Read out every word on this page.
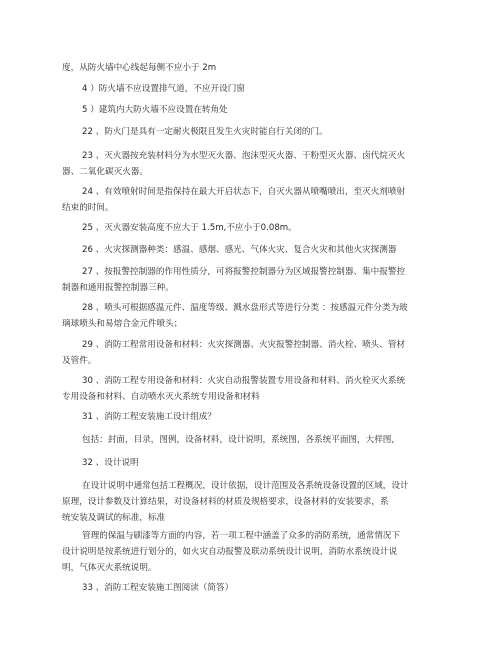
度，从防火墙中心线起每侧不应小于 2m
4 ）防火墙不应设置排气道，不应开设门窗
5 ）建筑内大防火墙不应设置在转角处
22 、防火门是具有一定耐火极限且发生火灾时能自行关闭的门。
23 、灭火器按充装材料分为水型灭火器、泡沫型灭火器、干粉型灭火器、卤代烷灭火
器、二氧化碳灭火器。
24 、有效喷射时间是指保持在最大开启状态下，自灭火器从喷嘴喷出，至灭火剂喷射
结束的时间。
25 、灭火器安装高度不应大于 1.5m,不应小于0.08m。
26 、火灾探测器种类：感温、感烟、感光、气体火灾、复合火灾和其他火灾探测器
27 、按报警控制器的作用性质分，可将报警控制器分为区域报警控制器、集中报警控
制器和通用报警控制器三种。
28 、喷头可根据感温元件、温度等级、溅水盘形式等进行分类 ：按感温元件分类为玻
璃球喷头和易熔合金元件喷头；
29 、消防工程常用设备和材料：火灾探测器、火灾报警控制器、消火栓、喷头、管材
及管件。
30 、消防工程专用设备和材料：火灾自动报警装置专用设备和材料、消火栓灭火系统
专用设备和材料、自动喷水灭火系统专用设备和材料
31 、消防工程安装施工设计组成？
包括：封面，目录，图例，设备材料，设计说明，系统图，各系统平面图，大样图，
32 、设计说明
在设计说明中通常包括工程概况，设计依据，设计范围及各系统设备设置的区域，设计
原理，设计参数及计算结果，对设备材料的材质及规格要求，设备材料的安装要求，系
统安装及调试的标准，标准
管理的保温与刷漆等方面的内容，若一项工程中涵盖了众多的消防系统，通常情况下
设计说明是按系统进行划分的，如火灾自动报警及联动系统设计说明，消防水系统设计说
明，气体灭火系统说明。
33 、消防工程安装施工图阅读（简答）
